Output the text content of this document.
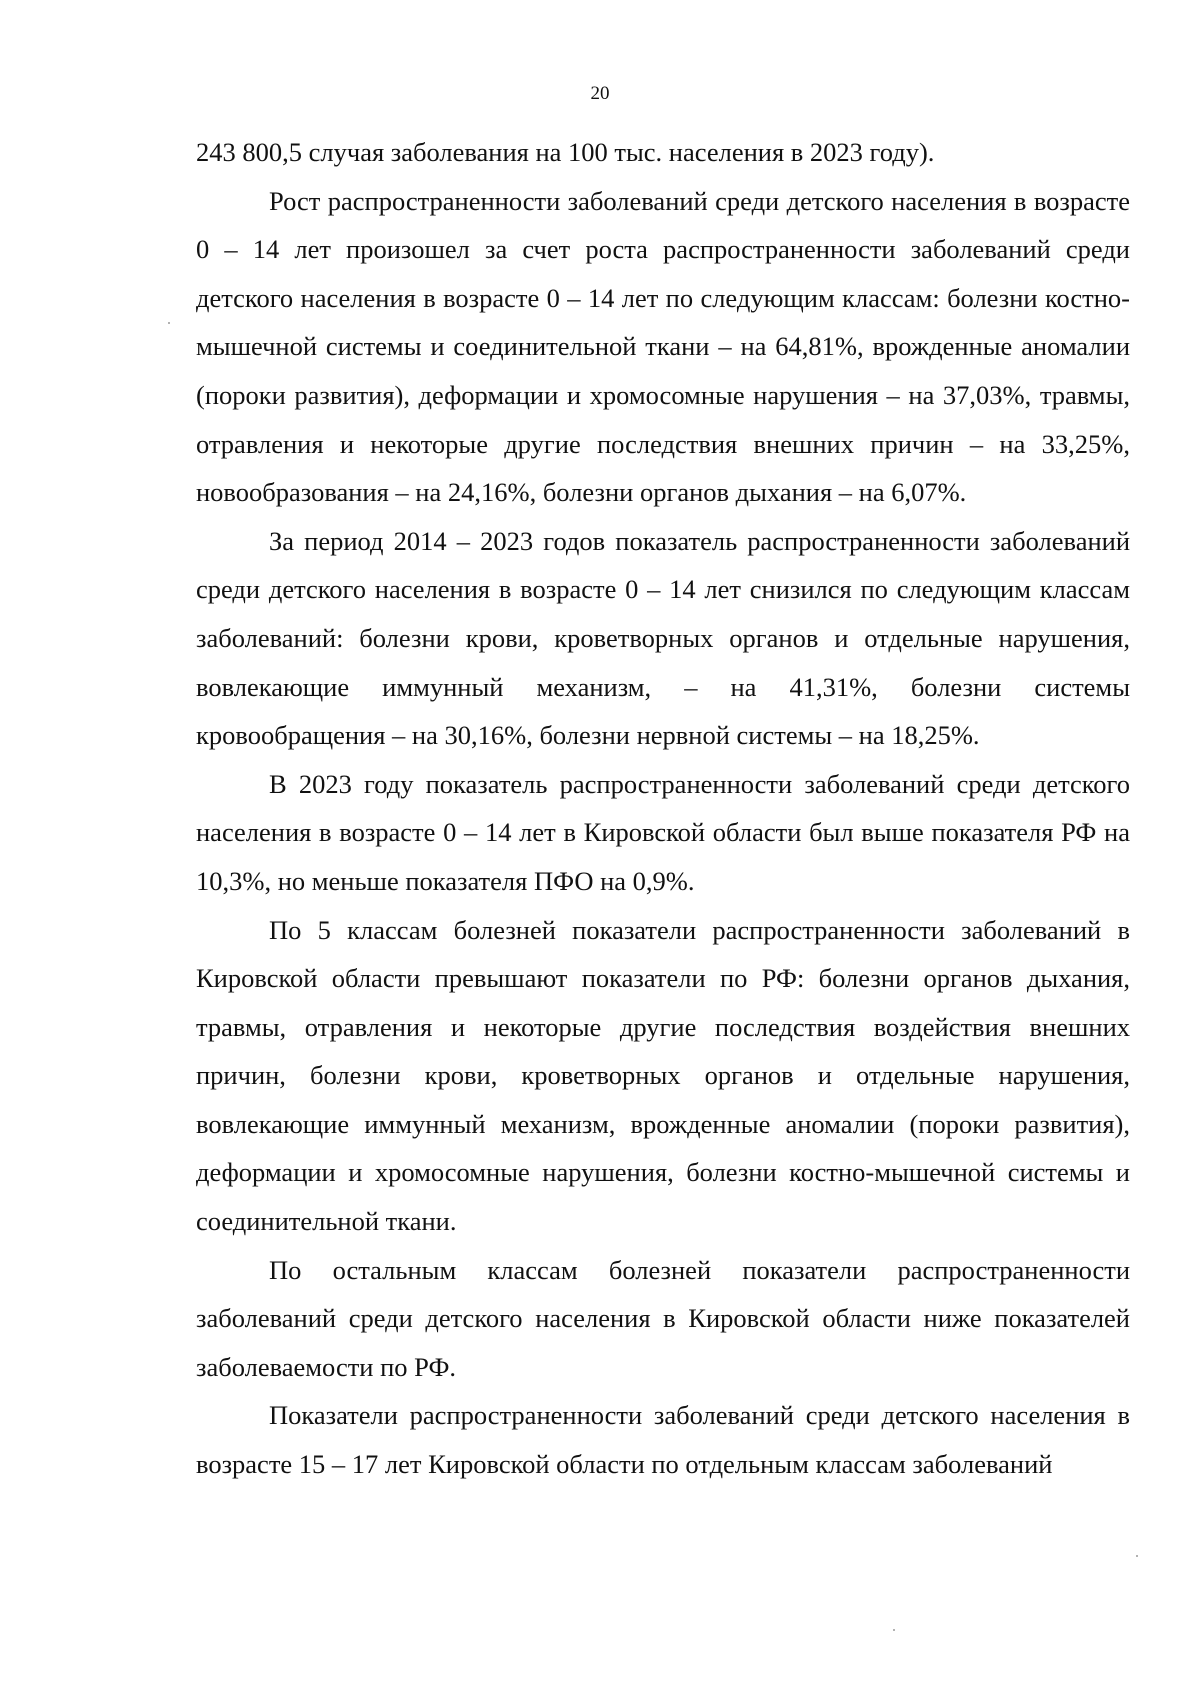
20

243 800,5 случая заболевания на 100 тыс. населения в 2023 году).

Рост распространенности заболеваний среди детского населения в возрасте 0 – 14 лет произошел за счет роста распространенности заболеваний среди детского населения в возрасте 0 – 14 лет по следующим классам: болезни костно-мышечной системы и соединительной ткани – на 64,81%, врожденные аномалии (пороки развития), деформации и хромосомные нарушения – на 37,03%, травмы, отравления и некоторые другие последствия внешних причин – на 33,25%, новообразования – на 24,16%, болезни органов дыхания – на 6,07%.

За период 2014 – 2023 годов показатель распространенности заболеваний среди детского населения в возрасте 0 – 14 лет снизился по следующим классам заболеваний: болезни крови, кроветворных органов и отдельные нарушения, вовлекающие иммунный механизм, – на 41,31%, болезни системы кровообращения – на 30,16%, болезни нервной системы – на 18,25%.

В 2023 году показатель распространенности заболеваний среди детского населения в возрасте 0 – 14 лет в Кировской области был выше показателя РФ на 10,3%, но меньше показателя ПФО на 0,9%.

По 5 классам болезней показатели распространенности заболеваний в Кировской области превышают показатели по РФ: болезни органов дыхания, травмы, отравления и некоторые другие последствия воздействия внешних причин, болезни крови, кроветворных органов и отдельные нарушения, вовлекающие иммунный механизм, врожденные аномалии (пороки развития), деформации и хромосомные нарушения, болезни костно-мышечной системы и соединительной ткани.

По остальным классам болезней показатели распространенности заболеваний среди детского населения в Кировской области ниже показателей заболеваемости по РФ.

Показатели распространенности заболеваний среди детского населения в возрасте 15 – 17 лет Кировской области по отдельным классам заболеваний
